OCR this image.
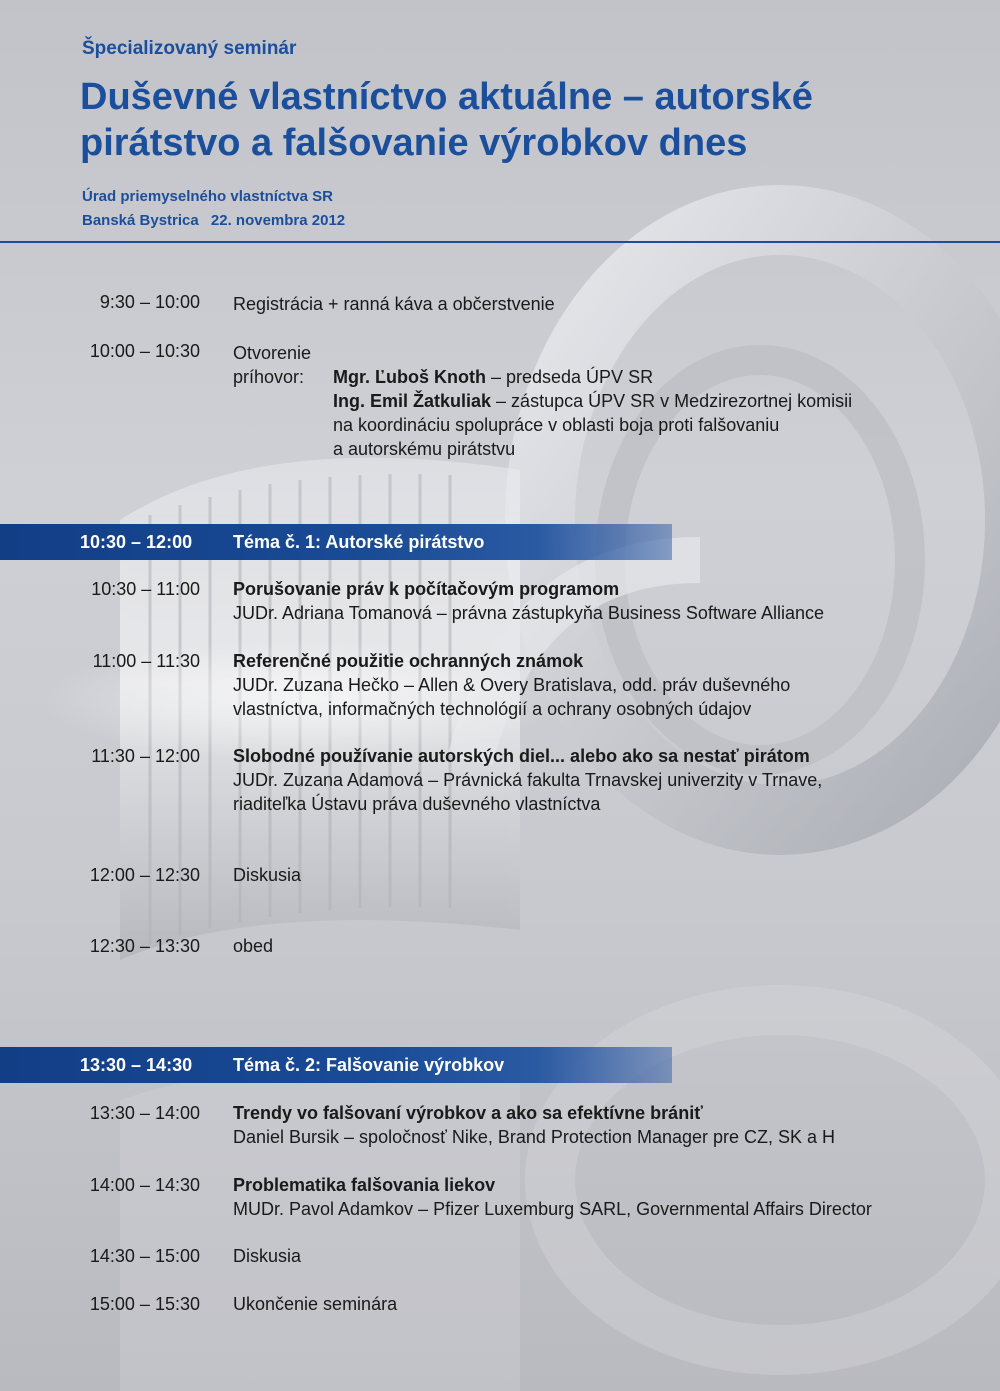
Špecializovaný seminár
Duševné vlastníctvo aktuálne – autorské
pirátstvo a falšovanie výrobkov dnes
Úrad priemyselného vlastníctva SR
Banská Bystrica 22. novembra 2012
9:30 – 10:00 Registrácia + ranná káva a občerstvenie
10:00 – 10:30 Otvorenie
príhovor: Mgr. Ľuboš Knoth – predseda ÚPV SR
Ing. Emil Žatkuliak – zástupca ÚPV SR v Medzirezortnej komisii
na koordináciu spolupráce v oblasti boja proti falšovaniu
a autorskému pirátstvu
10:30 – 12:00 Téma č. 1: Autorské pirátstvo
10:30 – 11:00 Porušovanie práv k počítačovým programom
JUDr. Adriana Tomanová – právna zástupkyňa Business Software Alliance
11:00 – 11:30 Referenčné použitie ochranných známok
JUDr. Zuzana Hečko – Allen & Overy Bratislava, odd. práv duševného
vlastníctva, informačných technológií a ochrany osobných údajov
11:30 – 12:00 Slobodné používanie autorských diel... alebo ako sa nestať pirátom
JUDr. Zuzana Adamová – Právnická fakulta Trnavskej univerzity v Trnave,
riaditeľka Ústavu práva duševného vlastníctva
12:00 – 12:30 Diskusia
12:30 – 13:30 obed
13:30 – 14:30 Téma č. 2: Falšovanie výrobkov
13:30 – 14:00 Trendy vo falšovaní výrobkov a ako sa efektívne brániť
Daniel Bursik – spoločnosť Nike, Brand Protection Manager pre CZ, SK a H
14:00 – 14:30 Problematika falšovania liekov
MUDr. Pavol Adamkov – Pfizer Luxemburg SARL, Governmental Affairs Director
14:30 – 15:00 Diskusia
15:00 – 15:30 Ukončenie seminára
